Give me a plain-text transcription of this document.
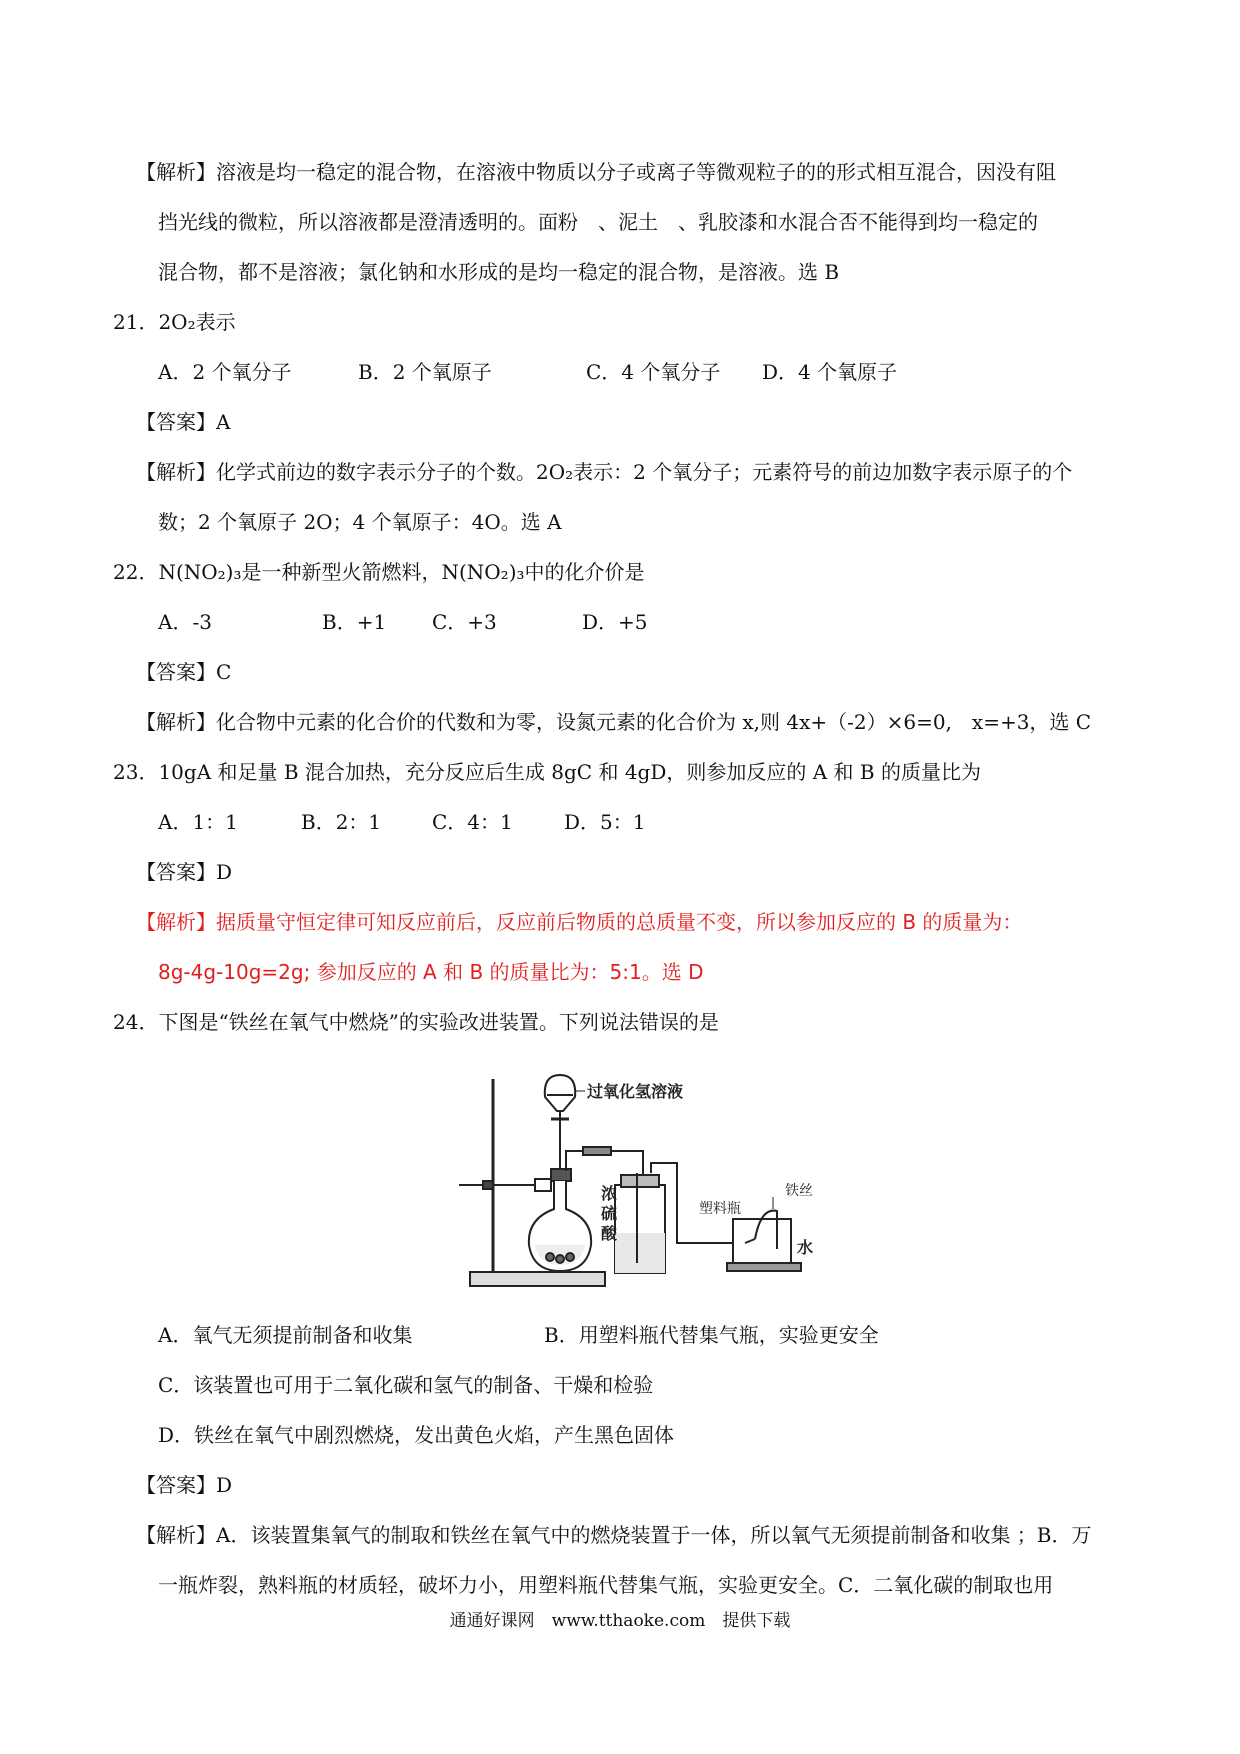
【解析】溶液是均一稳定的混合物，在溶液中物质以分子或离子等微观粒子的的形式相互混合，因没有阻
挡光线的微粒，所以溶液都是澄清透明的。面粉　、泥土　、乳胶漆和水混合否不能得到均一稳定的
混合物，都不是溶液；氯化钠和水形成的是均一稳定的混合物，是溶液。选 B
21．2O₂表示
A．2 个氧分子	B．2 个氧原子	C．4 个氧分子 D．4 个氧原子
【答案】A
【解析】化学式前边的数字表示分子的个数。2O₂表示：2 个氧分子；元素符号的前边加数字表示原子的个
数；2 个氧原子 2O；4 个氧原子：4O。选 A
22．N(NO₂)₃是一种新型火箭燃料，N(NO₂)₃中的化介价是
A．-3	B．+1 C．+3	D．+5
【答案】C
【解析】化合物中元素的化合价的代数和为零，设氮元素的化合价为 x,则 4x+（-2）×6=0,　x=+3，选 C
23．10gA 和足量 B 混合加热，充分反应后生成 8gC 和 4gD，则参加反应的 A 和 B 的质量比为
A．1：1	B．2：1	C．4：1	D．5：1
【答案】D
【解析】据质量守恒定律可知反应前后，反应前后物质的总质量不变，所以参加反应的 B 的质量为：
8g-4g-10g=2g; 参加反应的 A 和 B 的质量比为：5:1。选 D
24．下图是“铁丝在氧气中燃烧”的实验改进装置。下列说法错误的是
过氧化氢溶液
浓
硫
酸
塑料瓶
铁丝
水
A．氧气无须提前制备和收集	B．用塑料瓶代替集气瓶，实验更安全
C．该装置也可用于二氧化碳和氢气的制备、干燥和检验
D．铁丝在氧气中剧烈燃烧，发出黄色火焰，产生黑色固体
【答案】D
【解析】A．该装置集氧气的制取和铁丝在氧气中的燃烧装置于一体，所以氧气无须提前制备和收集 ；B．万
一瓶炸裂，熟料瓶的材质轻，破坏力小，用塑料瓶代替集气瓶，实验更安全。C．二氧化碳的制取也用
通通好课网　www.tthaoke.com　提供下载
